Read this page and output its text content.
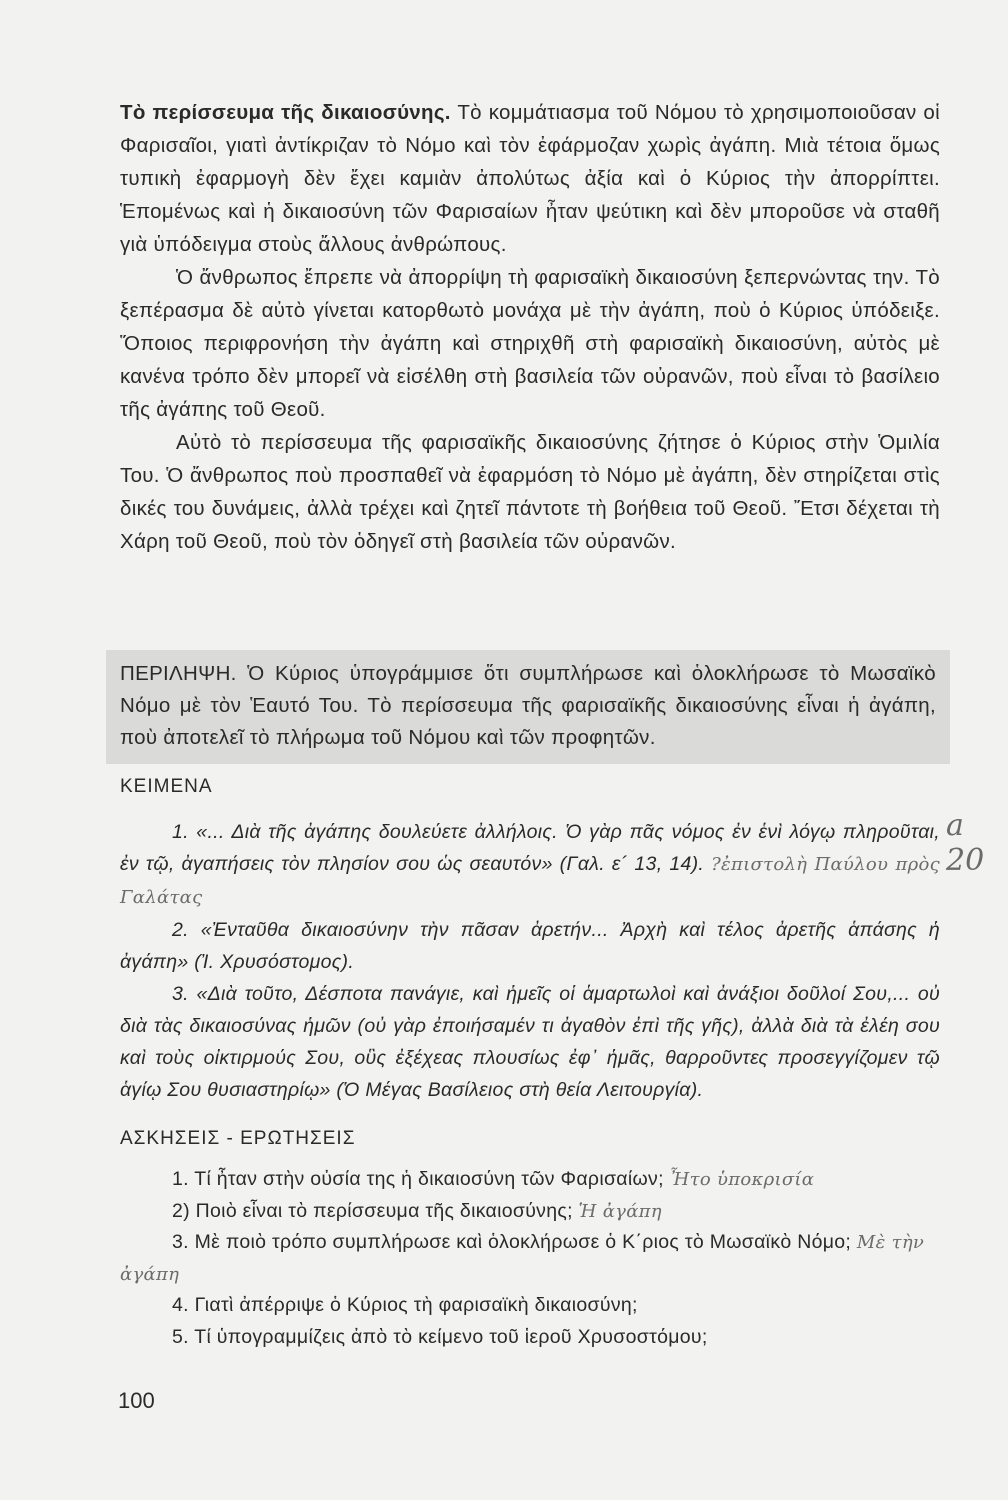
Τὸ περίσσευμα τῆς δικαιοσύνης. Τὸ κομμάτιασμα τοῦ Νόμου τὸ χρησιμοποιοῦσαν οἱ Φαρισαῖοι, γιατὶ ἀντίκριζαν τὸ Νόμο καὶ τὸν ἐφάρμοζαν χωρὶς ἀγάπη. Μιὰ τέτοια ὅμως τυπικὴ ἐφαρμογὴ δὲν ἔχει καμιὰν ἀπολύτως ἀξία καὶ ὁ Κύριος τὴν ἀπορρίπτει. Ἑπομένως καὶ ἡ δικαιοσύνη τῶν Φαρισαίων ἦταν ψεύτικη καὶ δὲν μποροῦσε νὰ σταθῆ γιὰ ὑπόδειγμα στοὺς ἄλλους ἀνθρώπους.

Ὁ ἄνθρωπος ἔπρεπε νὰ ἀπορρίψη τὴ φαρισαϊκὴ δικαιοσύνη ξεπερνώντας την. Τὸ ξεπέρασμα δὲ αὐτὸ γίνεται κατορθωτὸ μονάχα μὲ τὴν ἀγάπη, ποὺ ὁ Κύριος ὑπόδειξε. Ὅποιος περιφρονήση τὴν ἀγάπη καὶ στηριχθῆ στὴ φαρισαϊκὴ δικαιοσύνη, αὐτὸς μὲ κανένα τρόπο δὲν μπορεῖ νὰ εἰσέλθη στὴ βασιλεία τῶν οὐρανῶν, ποὺ εἶναι τὸ βασίλειο τῆς ἀγάπης τοῦ Θεοῦ.

Αὐτὸ τὸ περίσσευμα τῆς φαρισαϊκῆς δικαιοσύνης ζήτησε ὁ Κύριος στὴν Ὁμιλία Του. Ὁ ἄνθρωπος ποὺ προσπαθεῖ νὰ ἐφαρμόση τὸ Νόμο μὲ ἀγάπη, δὲν στηρίζεται στὶς δικές του δυνάμεις, ἀλλὰ τρέχει καὶ ζητεῖ πάντοτε τὴ βοήθεια τοῦ Θεοῦ. Ἔτσι δέχεται τὴ Χάρη τοῦ Θεοῦ, ποὺ τὸν ὁδηγεῖ στὴ βασιλεία τῶν οὐρανῶν.

ΠΕΡΙΛΗΨΗ. Ὁ Κύριος ὑπογράμμισε ὅτι συμπλήρωσε καὶ ὁλοκλήρωσε τὸ Μωσαϊκὸ Νόμο μὲ τὸν Ἑαυτό Του. Τὸ περίσσευμα τῆς φαρισαϊκῆς δικαιοσύνης εἶναι ἡ ἀγάπη, ποὺ ἀποτελεῖ τὸ πλήρωμα τοῦ Νόμου καὶ τῶν προφητῶν.

ΚΕΙΜΕΝΑ

1. «... Διὰ τῆς ἀγάπης δουλεύετε ἀλλήλοις. Ὁ γὰρ πᾶς νόμος ἐν ἑνὶ λόγῳ πληροῦται, ἐν τῷ, ἀγαπήσεις τὸν πλησίον σου ὡς σεαυτόν» (Γαλ. ε´ 13, 14). ?ἐπιστολὴ Παύλου πρὸς Γαλάτας

2. «Ἐνταῦθα δικαιοσύνην τὴν πᾶσαν ἀρετήν... Ἀρχὴ καὶ τέλος ἀρετῆς ἁπάσης ἡ ἀγάπη» (Ἰ. Χρυσόστομος).

3. «Διὰ τοῦτο, Δέσποτα πανάγιε, καὶ ἡμεῖς οἱ ἁμαρτωλοὶ καὶ ἀνάξιοι δοῦλοί Σου,... οὐ διὰ τὰς δικαιοσύνας ἡμῶν (οὐ γὰρ ἐποιήσαμέν τι ἀγαθὸν ἐπὶ τῆς γῆς), ἀλλὰ διὰ τὰ ἐλέη σου καὶ τοὺς οἰκτιρμούς Σου, οὓς ἐξέχεας πλουσίως ἐφ᾽ ἡμᾶς, θαρροῦντες προσεγγίζομεν τῷ ἁγίῳ Σου θυσιαστηρίῳ» (Ὁ Μέγας Βασίλειος στὴ θεία Λειτουργία).

a 20
ΑΣΚΗΣΕΙΣ - ΕΡΩΤΗΣΕΙΣ

1. Τί ἦταν στὴν οὐσία της ἡ δικαιοσύνη τῶν Φαρισαίων; Ἦτο ὑποκρισία

2) Ποιὸ εἶναι τὸ περίσσευμα τῆς δικαιοσύνης; Ἡ ἀγάπη

3. Μὲ ποιὸ τρόπο συμπλήρωσε καὶ ὁλοκλήρωσε ὁ Κ΄ριος τὸ Μωσαϊκὸ Νόμο; Μὲ τὴν ἀγάπη

4. Γιατὶ ἀπέρριψε ὁ Κύριος τὴ φαρισαϊκὴ δικαιοσύνη;

5. Τί ὑπογραμμίζεις ἀπὸ τὸ κείμενο τοῦ ἱεροῦ Χρυσοστόμου;

100
